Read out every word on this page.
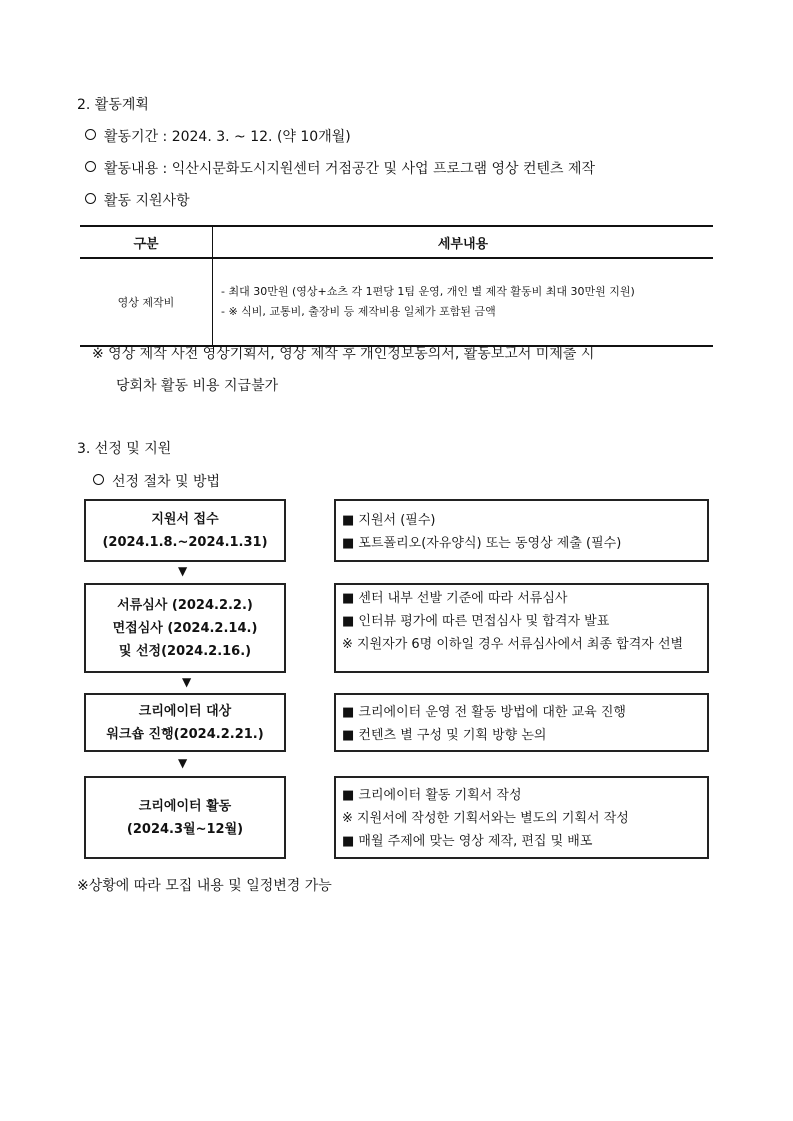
2. 활동계획
활동기간 : 2024. 3. ~ 12. (약 10개월)
활동내용 : 익산시문화도시지원센터 거점공간 및 사업 프로그램 영상 컨텐츠 제작
활동 지원사항
구분	세부내용
영상 제작비	- 최대 30만원 (영상+쇼츠 각 1편당 1팀 운영, 개인 별 제작 활동비 최대 30만원 지원)
- ※ 식비, 교통비, 출장비 등 제작비용 일체가 포함된 금액
※ 영상 제작 사전 영상기획서, 영상 제작 후 개인정보동의서, 활동보고서 미제출 시
당회차 활동 비용 지급불가
3. 선정 및 지원
선정 절차 및 방법
지원서 접수
(2024.1.8.~2024.1.31)
■ 지원서 (필수)
■ 포트폴리오(자유양식) 또는 동영상 제출 (필수)
▼
서류심사 (2024.2.2.)
면접심사 (2024.2.14.)
및 선정(2024.2.16.)
■ 센터 내부 선발 기준에 따라 서류심사
■ 인터뷰 평가에 따른 면접심사 및 합격자 발표
※ 지원자가 6명 이하일 경우 서류심사에서 최종 합격자 선별
▼
크리에이터 대상
워크숍 진행(2024.2.21.)
■ 크리에이터 운영 전 활동 방법에 대한 교육 진행
■ 컨텐츠 별 구성 및 기획 방향 논의
▼
크리에이터 활동
(2024.3월~12월)
■ 크리에이터 활동 기획서 작성
※ 지원서에 작성한 기획서와는 별도의 기획서 작성
■ 매월 주제에 맞는 영상 제작, 편집 및 배포
※상황에 따라 모집 내용 및 일정변경 가능
